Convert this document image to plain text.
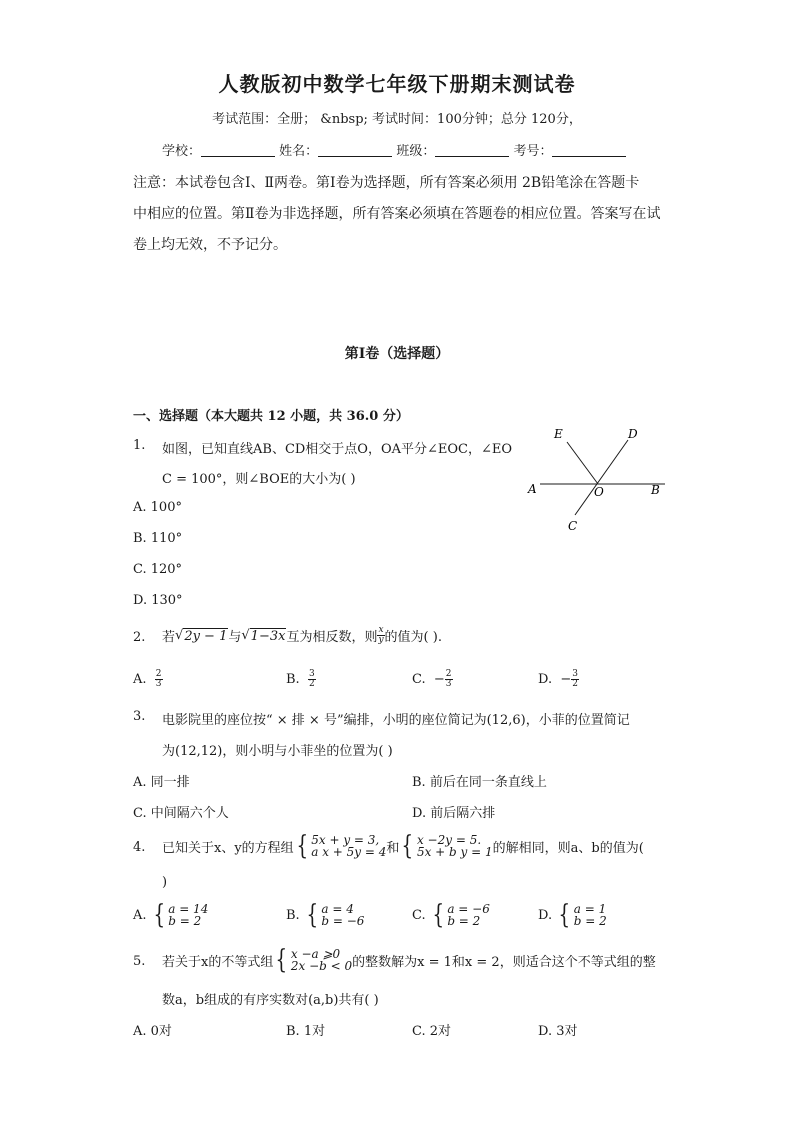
人教版初中数学七年级下册期末测试卷
考试范围：全册； &nbsp; 考试时间：100分钟；总分 120分，
学校：	姓名：	班级：	考号：
注意：本试卷包含Ⅰ、Ⅱ两卷。第Ⅰ卷为选择题，所有答案必须用 2B铅笔涂在答题卡
中相应的位置。第Ⅱ卷为非选择题，所有答案必须填在答题卷的相应位置。答案写在试
卷上均无效，不予记分。
第Ⅰ卷（选择题）
一、选择题（本大题共 12 小题，共 36.0 分）
1. 如图，已知直线AB、CD相交于点O，OA平分∠EOC，∠EO
C = 100°，则∠BOE的大小为( )
A. 100°
B. 110°
C. 120°
D. 130°
E	D
A	O	B
C
2. 若 √ 2y − 1 与 √ 1−3x 互为相反数，则 $\frac{x}{y}$ 的值为( ).
A. $\frac{2}{3}$	B. $\frac{3}{2}$	C. − $\frac{2}{3}$	D. − $\frac{3}{2}$
3. 电影院里的座位按“ × 排 × 号”编排，小明的座位简记为(12,6)，小菲的位置简记
为(12,12)，则小明与小菲坐的位置为( )
A. 同一排	B. 前后在同一条直线上
C. 中间隔六个人	D. 前后隔六排
4. 已知关于x、y的方程组 { 5x + y = 3,
a x + 5y = 4 和 { x −2y = 5.
5x + b y = 1 的解相同，则a、b的值为(
)
A.
{ a = 14
b = 2	B.
{ a = 4
b = −6	C.
{ a = −6
b = 2	D.
{ a = 1
b = 2
5. 若关于x的不等式组 { x −a ⩾0
2x −b < 0 的整数解为x = 1和x = 2，则适合这个不等式组的整
数a，b组成的有序实数对(a,b)共有( )
A. 0对	B. 1对	C. 2对	D. 3对
